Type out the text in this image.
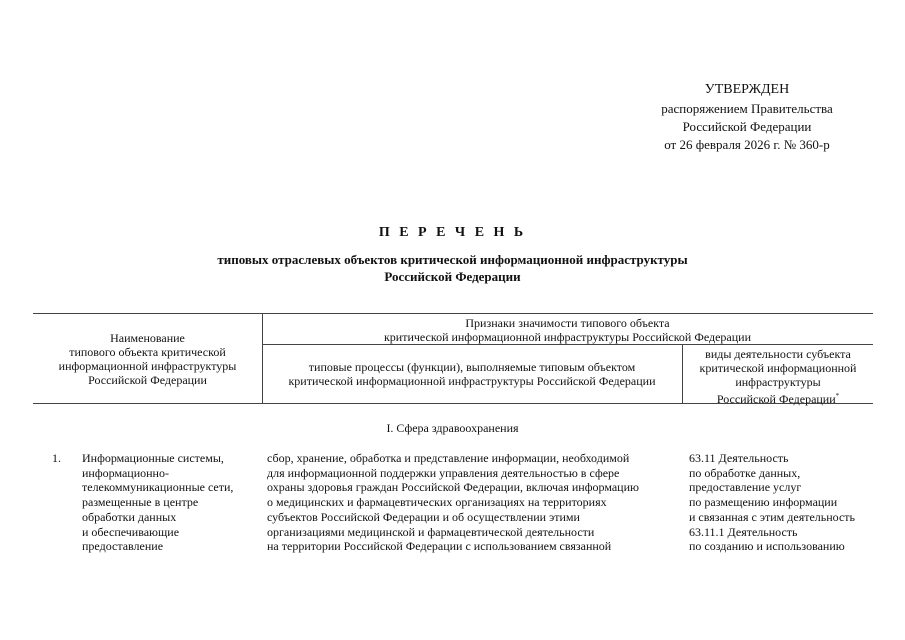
УТВЕРЖДЕН
распоряжением Правительства
Российской Федерации
от 26 февраля 2026 г. № 360-р
П Е Р Е Ч Е Н Ь
типовых отраслевых объектов критической информационной инфраструктуры
Российской Федерации
Наименование
типового объекта критической
информационной инфраструктуры
Российской Федерации
Признаки значимости типового объекта
критической информационной инфраструктуры Российской Федерации
типовые процессы (функции), выполняемые типовым объектом
критической информационной инфраструктуры Российской Федерации
виды деятельности субъекта
критической информационной
инфраструктуры
Российской Федерации*
I. Сфера здравоохранения
1. Информационные системы,
информационно-
телекоммуникационные сети,
размещенные в центре
обработки данных
и обеспечивающие
предоставление
сбор, хранение, обработка и представление информации, необходимой
для информационной поддержки управления деятельностью в сфере
охраны здоровья граждан Российской Федерации, включая информацию
о медицинских и фармацевтических организациях на территориях
субъектов Российской Федерации и об осуществлении этими
организациями медицинской и фармацевтической деятельности
на территории Российской Федерации с использованием связанной
63.11 Деятельность
по обработке данных,
предоставление услуг
по размещению информации
и связанная с этим деятельность
63.11.1 Деятельность
по созданию и использованию
